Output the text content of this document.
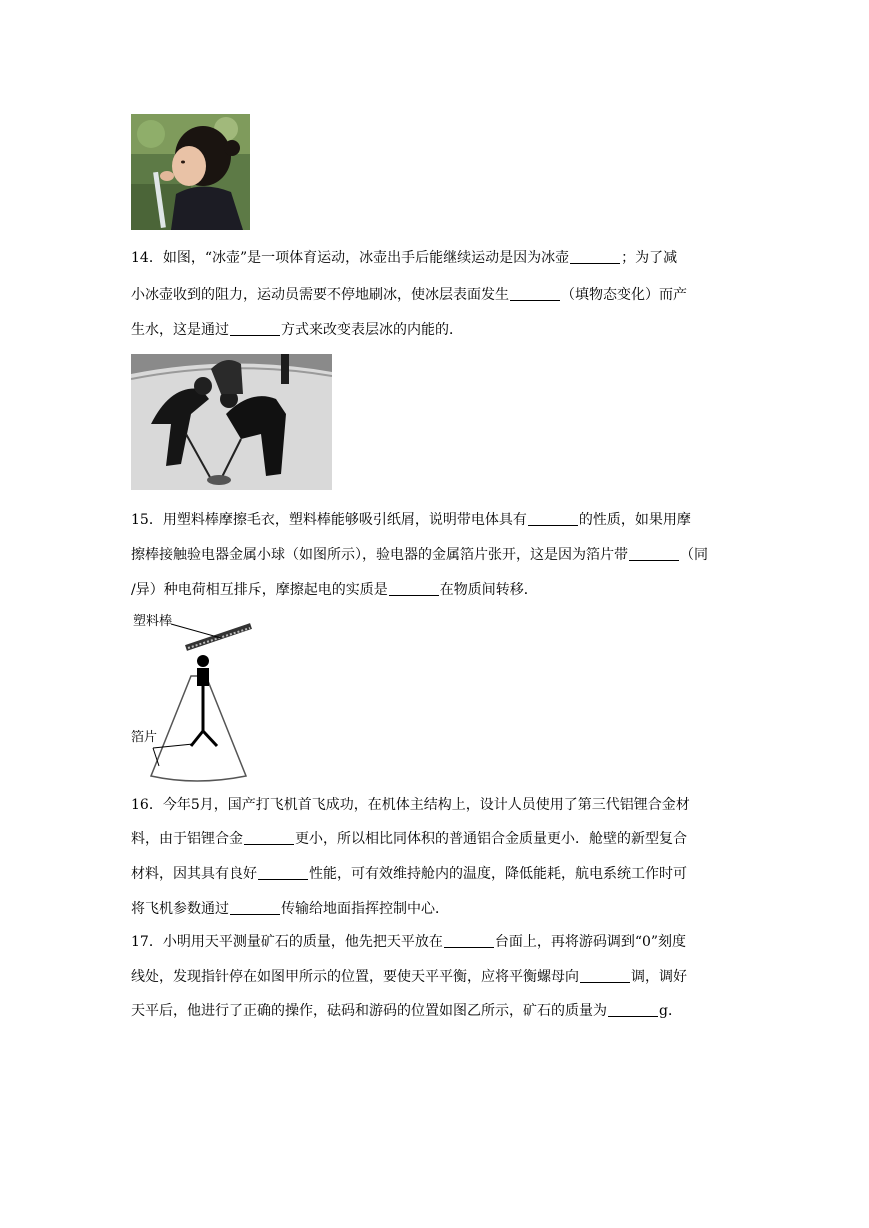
14．如图，“冰壶”是一项体育运动，冰壶出手后能继续运动是因为冰壶	；为了减
小冰壶收到的阻力，运动员需要不停地刷冰，使冰层表面发生	（填物态变化）而产
生水，这是通过	方式来改变表层冰的内能的．
15．用塑料棒摩擦毛衣，塑料棒能够吸引纸屑，说明带电体具有	的性质，如果用摩
擦棒接触验电器金属小球（如图所示），验电器的金属箔片张开，这是因为箔片带	（同
/异）种电荷相互排斥，摩擦起电的实质是	在物质间转移．
塑料棒
箔片
16．今年5月，国产打飞机首飞成功，在机体主结构上，设计人员使用了第三代铝锂合金材
料，由于铝锂合金	更小，所以相比同体积的普通铝合金质量更小．舱壁的新型复合
材料，因其具有良好	性能，可有效维持舱内的温度，降低能耗，航电系统工作时可
将飞机参数通过	传输给地面指挥控制中心．
17．小明用天平测量矿石的质量，他先把天平放在	台面上，再将游码调到“0”刻度
线处，发现指针停在如图甲所示的位置，要使天平平衡，应将平衡螺母向	调，调好
天平后，他进行了正确的操作，砝码和游码的位置如图乙所示，矿石的质量为	g．
